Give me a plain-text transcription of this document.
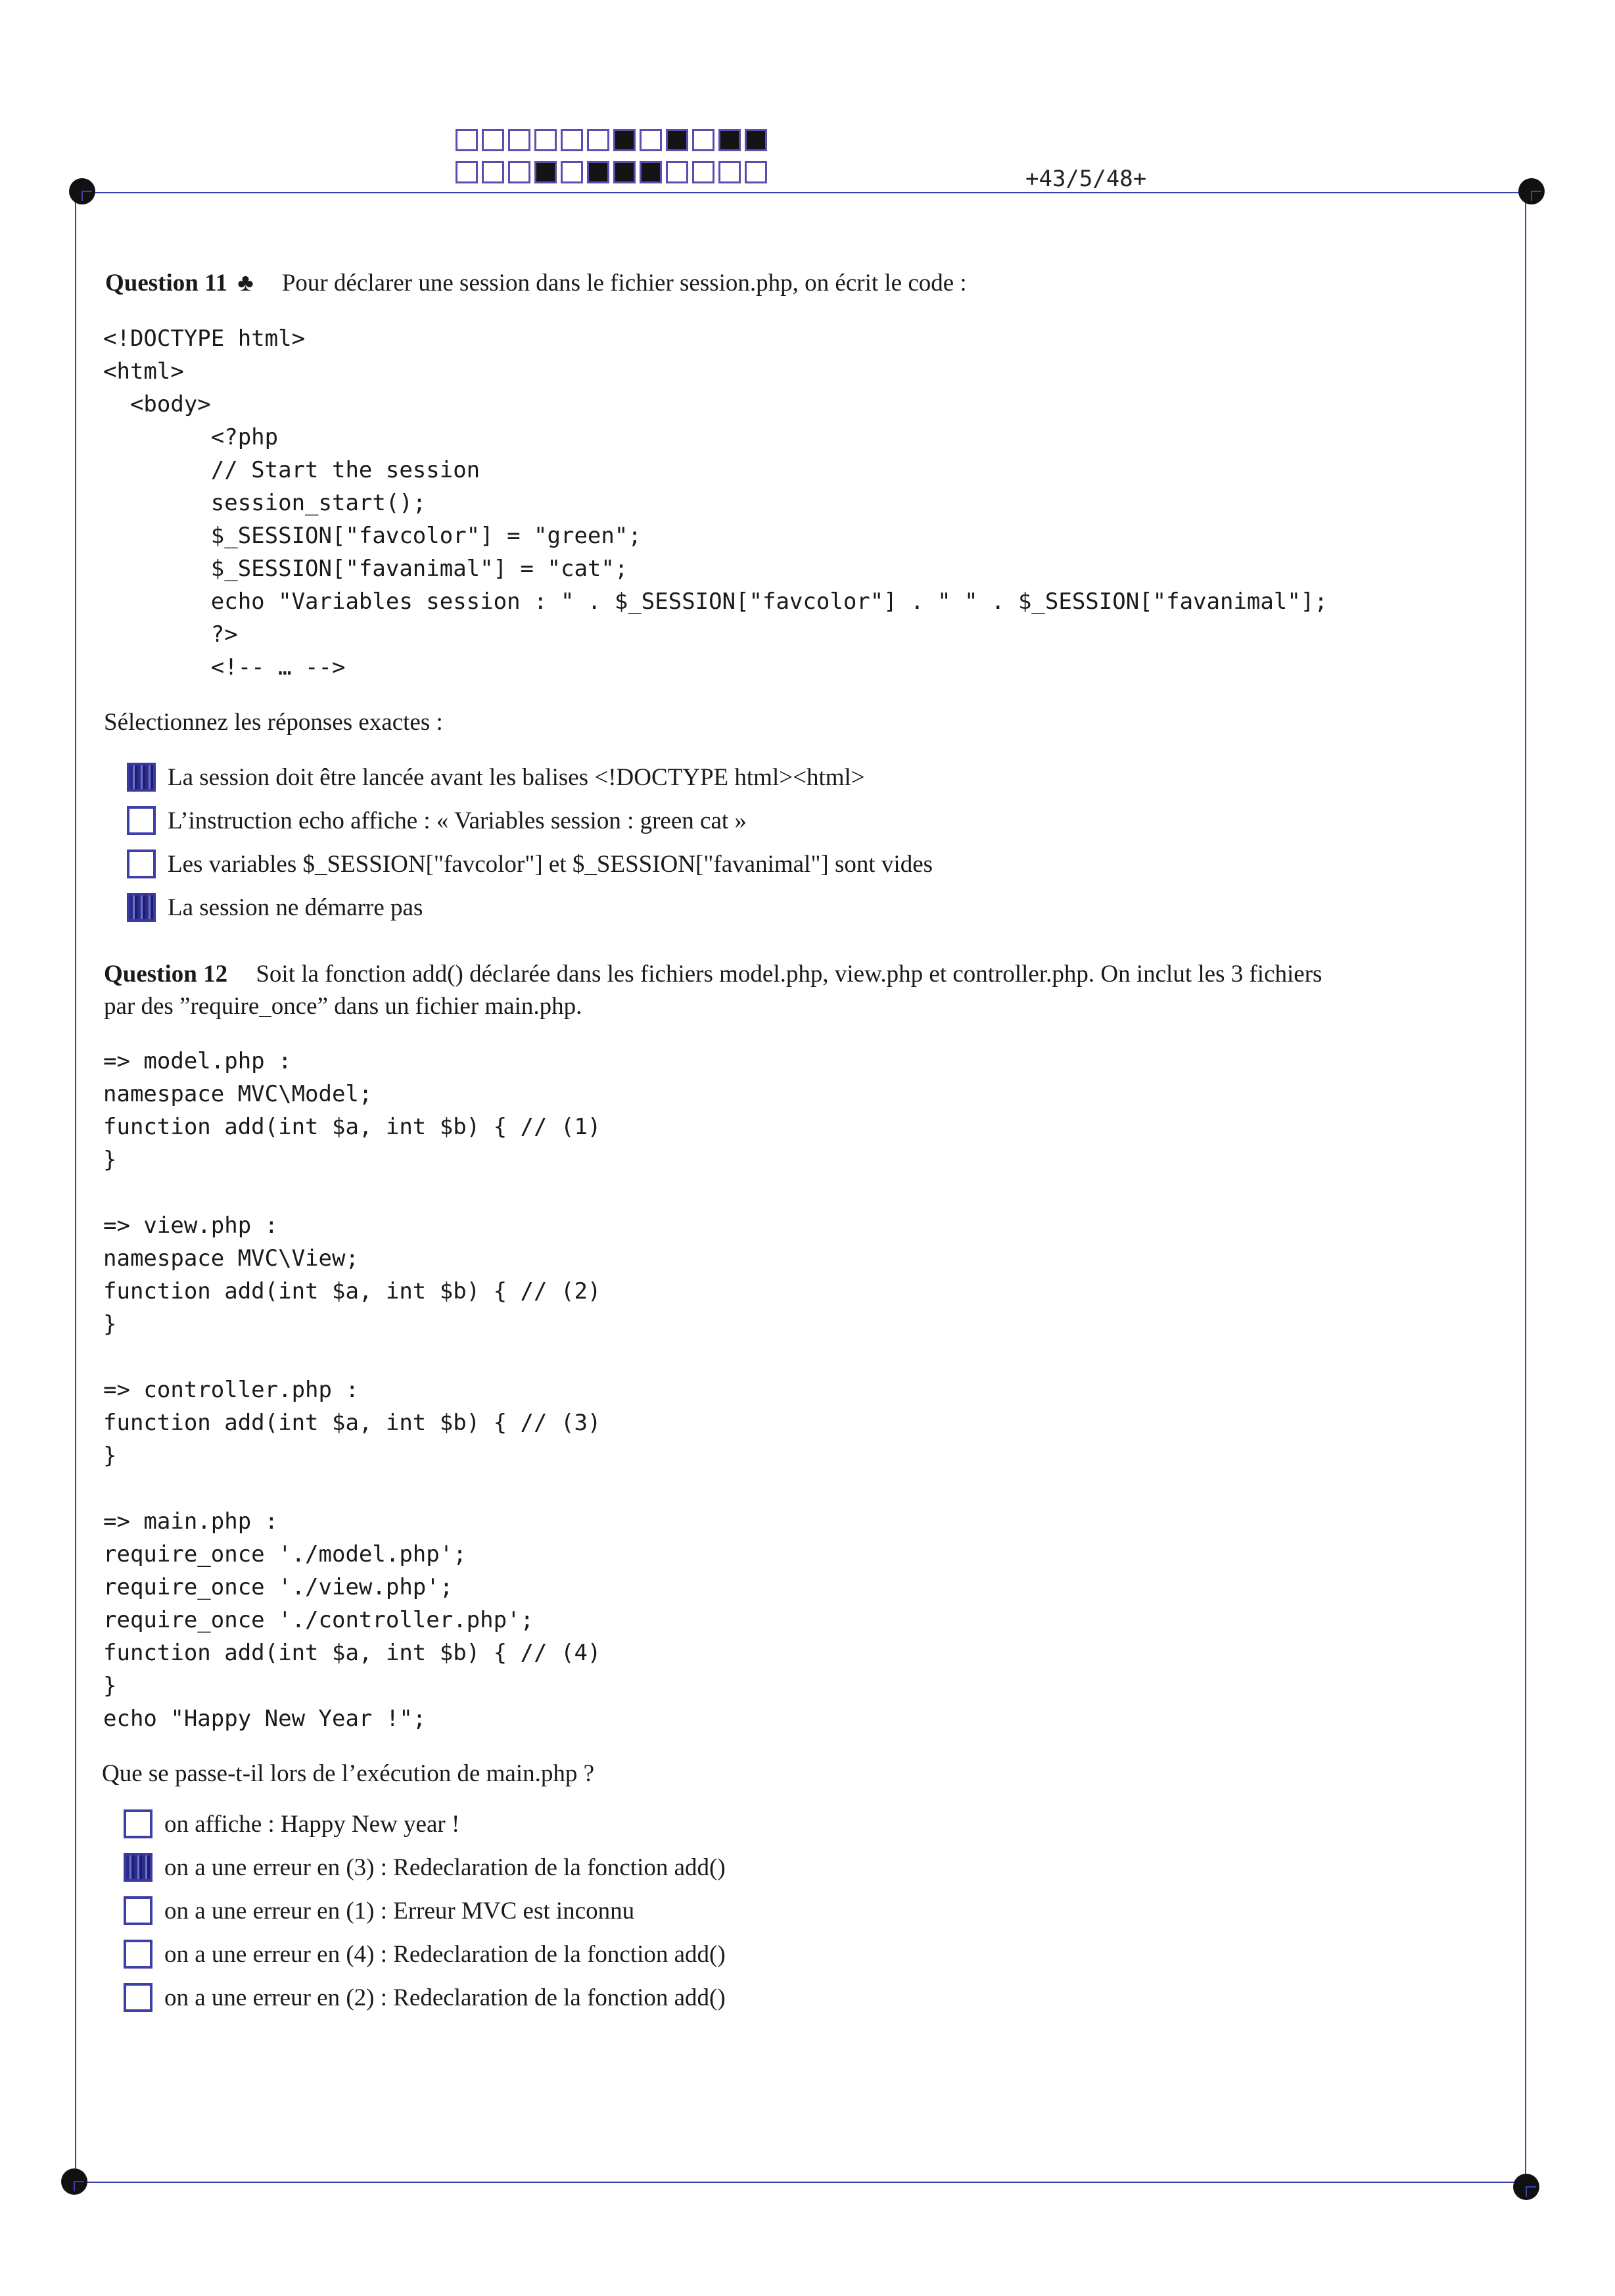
+43/5/48+
Question 11 ♣ Pour déclarer une session dans le fichier session.php, on écrit le code :
<!DOCTYPE html>
<html>
<body>
<?php
// Start the session
session_start();
$_SESSION["favcolor"] = "green";
$_SESSION["favanimal"] = "cat";
echo "Variables session : " . $_SESSION["favcolor"] . " " . $_SESSION["favanimal"];
?>
<!-- … -->
Sélectionnez les réponses exactes :
La session doit être lancée avant les balises <!DOCTYPE html><html>
L’instruction echo affiche : « Variables session : green cat »
Les variables $_SESSION["favcolor"] et $_SESSION["favanimal"] sont vides
La session ne démarre pas
Question 12 Soit la fonction add() déclarée dans les fichiers model.php, view.php et controller.php. On inclut les 3 fichiers
par des ”require_once” dans un fichier main.php.
=> model.php :
namespace MVC\Model;
function add(int $a, int $b) { // (1)
}

=> view.php :
namespace MVC\View;
function add(int $a, int $b) { // (2)
}

=> controller.php :
function add(int $a, int $b) { // (3)
}

=> main.php :
require_once './model.php';
require_once './view.php';
require_once './controller.php';
function add(int $a, int $b) { // (4)
}
echo "Happy New Year !";
Que se passe-t-il lors de l’exécution de main.php ?
on affiche : Happy New year !
on a une erreur en (3) : Redeclaration de la fonction add()
on a une erreur en (1) : Erreur MVC est inconnu
on a une erreur en (4) : Redeclaration de la fonction add()
on a une erreur en (2) : Redeclaration de la fonction add()
